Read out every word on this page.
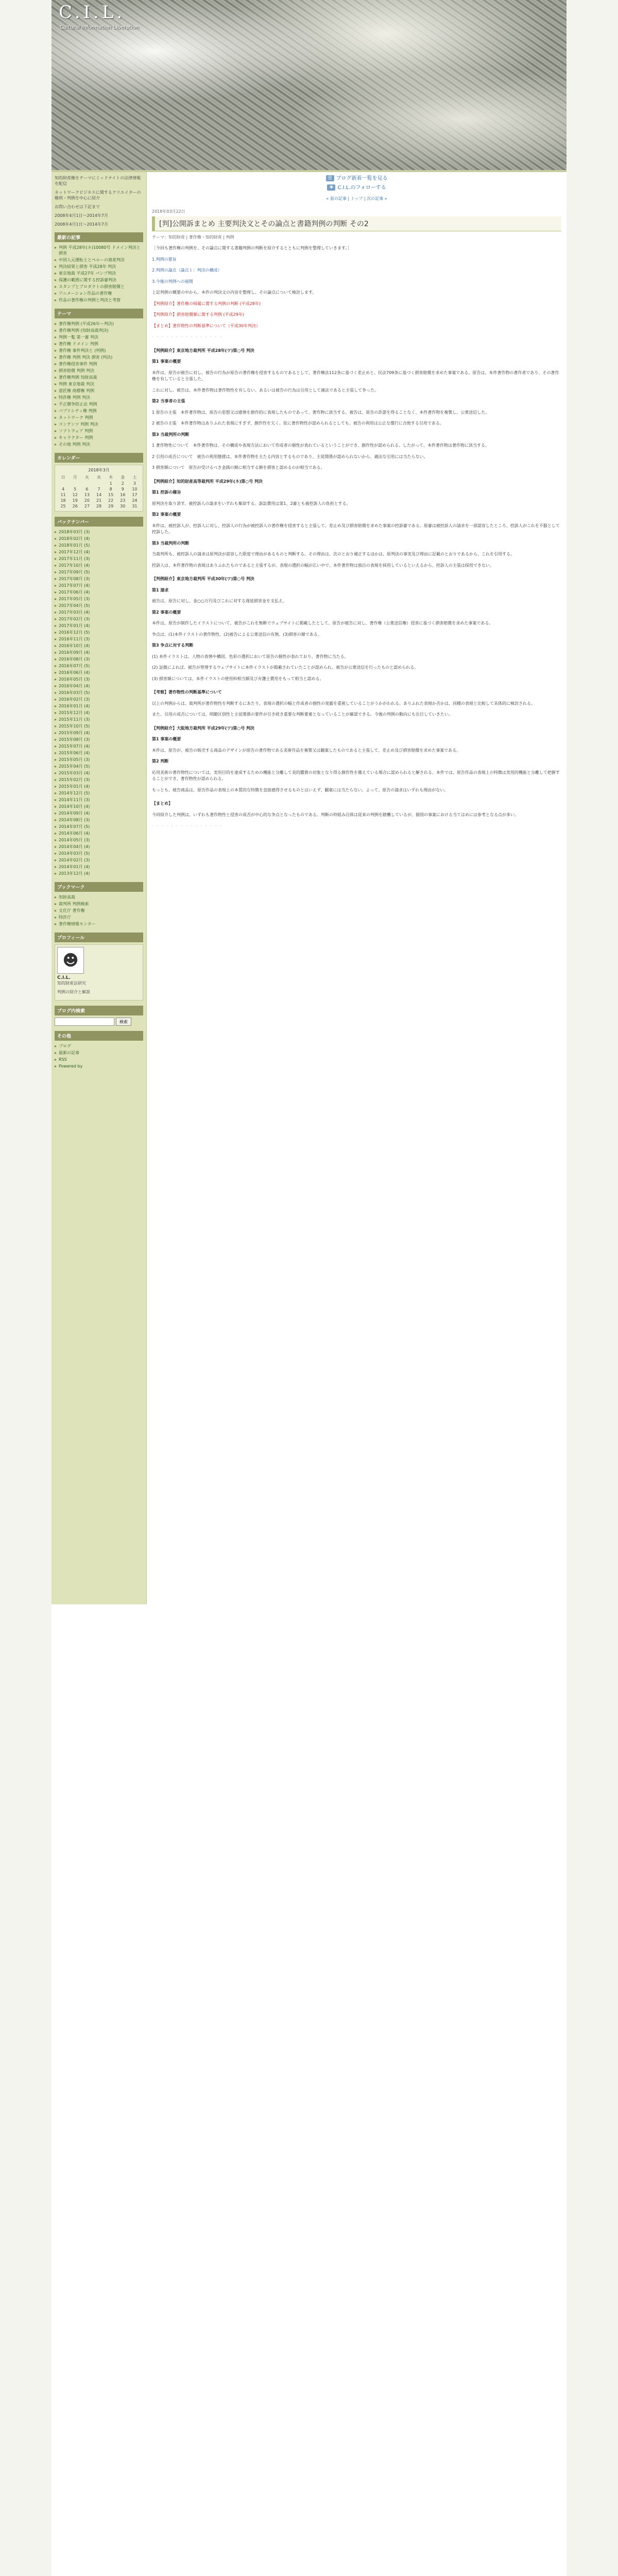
C.I.L.
Cultural Information Liberation
知的財産権をテーマにミッドナイトの法律情報を配信
ネットワークビジネスに関するクリエイターの権利・判例を中心に紹介
お問い合わせは下記まで
2008年4月1日〜2014年7月
2008年4月1日〜2014年7月
最新の記事
▸ 判例 平成28年(ネ)10080号 ドメイン判決と損害
▸ 中国人元運転士とペルーの資産判決
▸ 判決結果と損害 平成28年 判決
▸ 東京地裁 平成27年 パンプ判決
▸ 保護の範囲に関する控訴審判決
▸ スタンプとプロダクトの損害賠償と
▸ アニメーション作品の著作権
▸ 作品の著作権の判例と判決と考察
テーマ
▸ 著作権判例 (平成26年〜判決)
▸ 著作権判例 (知財高裁判決)
▸ 判例一覧 第一審 判決
▸ 著作権 ドメイン 判例
▸ 著作権 事件判決と (判例)
▸ 著作権 判例 判決 損害 (判決)
▸ 著作権侵害事件 判例
▸ 損害賠償 判例 判決
▸ 著作権判例 知財高裁
▸ 判例 東京地裁 判決
▸ 意匠権 商標権 判例
▸ 特許権 判例 判決
▸ 不正競争防止法 判例
▸ パブリシティ権 判例
▸ ネットワーク 判例
▸ コンテンツ 判例 判決
▸ ソフトウェア 判例
▸ キャラクター 判例
▸ その他 判例 判決
カレンダー
2018年3月
日	月	火	水	木	金	土
				1	2	3
4	5	6	7	8	9	10
11	12	13	14	15	16	17
18	19	20	21	22	23	24
25	26	27	28	29	30	31
バックナンバー
▸ 2018年03月 (3)
▸ 2018年02月 (4)
▸ 2018年01月 (5)
▸ 2017年12月 (4)
▸ 2017年11月 (3)
▸ 2017年10月 (4)
▸ 2017年09月 (5)
▸ 2017年08月 (3)
▸ 2017年07月 (4)
▸ 2017年06月 (4)
▸ 2017年05月 (3)
▸ 2017年04月 (5)
▸ 2017年03月 (4)
▸ 2017年02月 (3)
▸ 2017年01月 (4)
▸ 2016年12月 (5)
▸ 2016年11月 (3)
▸ 2016年10月 (4)
▸ 2016年09月 (4)
▸ 2016年08月 (3)
▸ 2016年07月 (5)
▸ 2016年06月 (4)
▸ 2016年05月 (3)
▸ 2016年04月 (4)
▸ 2016年03月 (5)
▸ 2016年02月 (3)
▸ 2016年01月 (4)
▸ 2015年12月 (4)
▸ 2015年11月 (3)
▸ 2015年10月 (5)
▸ 2015年09月 (4)
▸ 2015年08月 (3)
▸ 2015年07月 (4)
▸ 2015年06月 (4)
▸ 2015年05月 (3)
▸ 2015年04月 (5)
▸ 2015年03月 (4)
▸ 2015年02月 (3)
▸ 2015年01月 (4)
▸ 2014年12月 (5)
▸ 2014年11月 (3)
▸ 2014年10月 (4)
▸ 2014年09月 (4)
▸ 2014年08月 (3)
▸ 2014年07月 (5)
▸ 2014年06月 (4)
▸ 2014年05月 (3)
▸ 2014年04月 (4)
▸ 2014年03月 (5)
▸ 2014年02月 (3)
▸ 2014年01月 (4)
▸ 2013年12月 (4)
ブックマーク
▸ 知財高裁
▸ 裁判所 判例検索
▸ 文化庁 著作権
▸ 特許庁
▸ 著作権情報センター
プロフィール
☻
C.I.L.
知的財産法研究
判例の紹介と解説
ブログ内検索
検索
その他
▸ ブログ
▸ 最新の記事
▸ RSS
▸ Powered by
☰ ブログ新着一覧を見る
✚ C.I.L.のフォローする
« 前の記事 | トップ | 次の記事 »
2018年03月22日
[判]公開訴まとめ 主要判決文とその論点と書籍判例の判断 その2
テーマ：知的財産 | 著作権・知的財産 | 判例

［今回も著作権の判例を、その論点に関する書籍判例の判断を紹介するとともに判例を整理していきます。］

1.判例の要旨

2.判例の論点（論点１：判決の構成）

3.今後の判例への展開

上記判例の概要の中から、本件の判決文の内容を整理し、その論点について検討します。

【判例紹介】著作権の帰属に関する判例の判断 (平成28年)

【判例紹介】損害賠償額に関する判例 (平成29年)

【まとめ】著作物性の判断基準について（平成30年判決）

- - - - - - - - - - - - - - -

【判例紹介】東京地方裁判所 平成28年(ワ)第○号 判決

第1 事案の概要

本件は、原告が被告に対し、被告の行為が原告の著作権を侵害するものであるとして、著作権法112条に基づく差止めと、民法709条に基づく損害賠償を求めた事案である。原告は、本件著作物の著作者であり、その著作権を有していると主張した。

これに対し、被告は、本件著作物は著作物性を有しない、あるいは被告の行為は引用として適法であると主張して争った。

第2 当事者の主張

1 原告の主張　本件著作物は、原告の思想又は感情を創作的に表現したものであって、著作物に該当する。被告は、原告の許諾を得ることなく、本件著作物を複製し、公衆送信した。

2 被告の主張　本件著作物はありふれた表現にすぎず、創作性を欠く。仮に著作物性が認められるとしても、被告の利用は公正な慣行に合致する引用である。

第3 当裁判所の判断

1 著作物性について　本件著作物は、その構成や表現方法において作成者の個性が表れているということができ、創作性が認められる。したがって、本件著作物は著作物に該当する。

2 引用の成否について　被告の利用態様は、本件著作物を主たる内容とするものであり、主従関係が認められないから、適法な引用には当たらない。

3 損害額について　原告が受けるべき金銭の額に相当する額を損害と認めるのが相当である。

【判例紹介】知的財産高等裁判所 平成29年(ネ)第○号 判決

第1 控訴の趣旨

原判決を取り消す。被控訴人の請求をいずれも棄却する。訴訟費用は第1、2審とも被控訴人の負担とする。

第2 事案の概要

本件は、被控訴人が、控訴人に対し、控訴人の行為が被控訴人の著作権を侵害すると主張して、差止め及び損害賠償を求めた事案の控訴審である。原審は被控訴人の請求を一部認容したところ、控訴人がこれを不服として控訴した。

第3 当裁判所の判断

当裁判所も、被控訴人の請求は原判決が認容した限度で理由があるものと判断する。その理由は、次のとおり補正するほかは、原判決の事実及び理由に記載のとおりであるから、これを引用する。

控訴人は、本件著作物の表現はありふれたものであると主張するが、表現の選択の幅が広い中で、本件著作物は独自の表現を採用しているといえるから、控訴人の主張は採用できない。

【判例紹介】東京地方裁判所 平成30年(ワ)第○号 判決

第1 請求

被告は、原告に対し、金○○万円及びこれに対する遅延損害金を支払え。

第2 事案の概要

本件は、原告が制作したイラストについて、被告がこれを無断でウェブサイトに掲載したとして、原告が被告に対し、著作権（公衆送信権）侵害に基づく損害賠償を求めた事案である。

争点は、(1)本件イラストの著作物性、(2)被告による公衆送信の有無、(3)損害の額である。

第3 争点に対する判断

(1) 本件イラストは、人物の表情や構図、色彩の選択において原告の個性が表れており、著作物に当たる。

(2) 証拠によれば、被告が管理するウェブサイトに本件イラストが掲載されていたことが認められ、被告が公衆送信を行ったものと認められる。

(3) 損害額については、本件イラストの使用料相当額及び弁護士費用をもって相当と認める。

【考察】著作物性の判断基準について

以上の判例からは、裁判所が著作物性を判断するにあたり、表現の選択の幅と作成者の個性の発露を重視していることがうかがわれる。ありふれた表現か否かは、同種の表現と比較して具体的に検討される。

また、引用の成否については、明瞭区別性と主従関係の要件が引き続き重要な判断要素となっていることが確認できる。今後の判例の動向にも注目していきたい。

【判例紹介】大阪地方裁判所 平成29年(ワ)第○号 判決

第1 事案の概要

本件は、原告が、被告の販売する商品のデザインが原告の著作物である美術作品を複製又は翻案したものであると主張して、差止め及び損害賠償を求めた事案である。

第2 判断

応用美術の著作物性については、実用目的を達成するための機能と分離して美的鑑賞の対象となり得る創作性を備えている場合に認められると解される。本件では、原告作品の表現上の特徴は実用的機能と分離して把握することができ、著作物性が認められる。

もっとも、被告商品は、原告作品の表現上の本質的な特徴を直接感得させるものとはいえず、翻案には当たらない。よって、原告の請求はいずれも理由がない。

【まとめ】

今回紹介した判例は、いずれも著作物性と侵害の成否が中心的な争点となったものである。判断の枠組み自体は従来の判例を踏襲しているが、個別の事案における当てはめには参考となる点が多い。

- - - - - - - - - - - - - - -
